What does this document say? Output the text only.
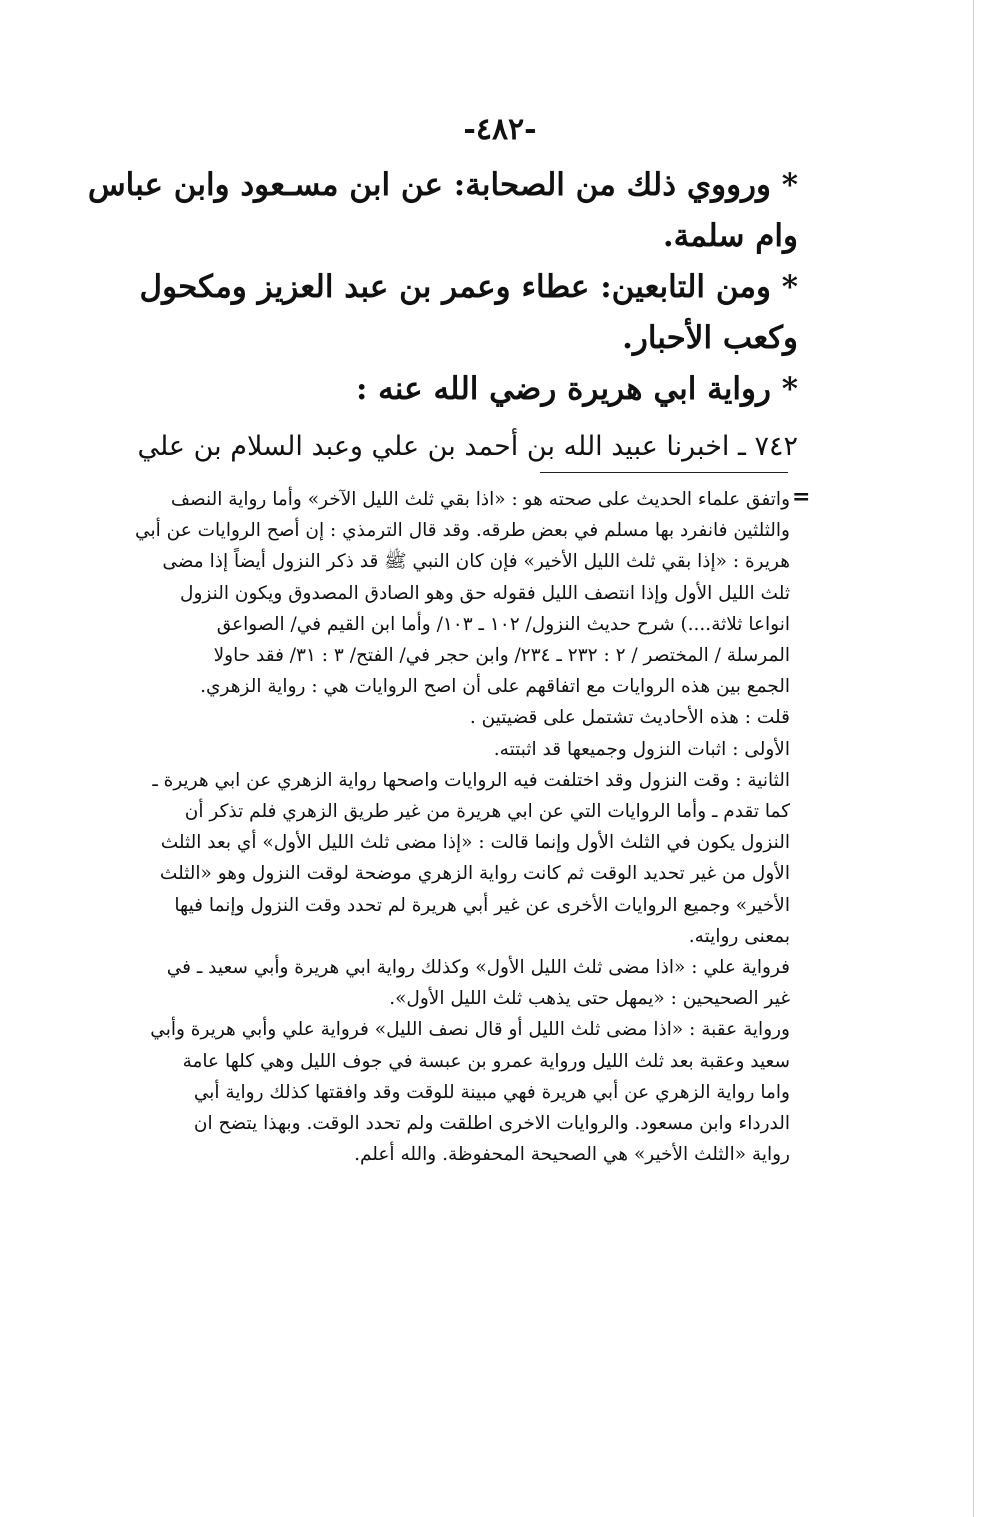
-٤٨٢-
* ورووي ذلك من الصحابة: عن ابن مسـعود وابن عباس
وام سلمة.
* ومن التابعين: عطاء وعمر بن عبد العزيز ومكحول
وكعب الأحبار.
* رواية ابي هريرة رضي الله عنه :
٧٤٢ ـ اخبرنا عبيد الله بن أحمد بن علي وعبد السلام بن علي
=
واتفق علماء الحديث على صحته هو : «اذا بقي ثلث الليل الآخر» وأما رواية النصف
والثلثين فانفرد بها مسلم في بعض طرقه. وقد قال الترمذي : إن أصح الروايات عن أبي
هريرة : «إذا بقي ثلث الليل الأخير» فإن كان النبي ﷺ قد ذكر النزول أيضاً إذا مضى
ثلث الليل الأول وإذا انتصف الليل فقوله حق وهو الصادق المصدوق ويكون النزول
انواعا ثلاثة....) شرح حديث النزول/ ١٠٢ ـ ١٠٣/ وأما ابن القيم في/ الصواعق
المرسلة / المختصر / ٢ : ٢٣٢ ـ ٢٣٤/ وابن حجر في/ الفتح/ ٣ : ٣١/ فقد حاولا
الجمع بين هذه الروايات مع اتفاقهم على أن اصح الروايات هي : رواية الزهري.
قلت : هذه الأحاديث تشتمل على قضيتين .
الأولى : اثبات النزول وجميعها قد اثبتته.
الثانية : وقت النزول وقد اختلفت فيه الروايات واصحها رواية الزهري عن ابي هريرة ـ
كما تقدم ـ وأما الروايات التي عن ابي هريرة من غير طريق الزهري فلم تذكر أن
النزول يكون في الثلث الأول وإنما قالت : «إذا مضى ثلث الليل الأول» أي بعد الثلث
الأول من غير تحديد الوقت ثم كانت رواية الزهري موضحة لوقت النزول وهو «الثلث
الأخير» وجميع الروايات الأخرى عن غير أبي هريرة لم تحدد وقت النزول وإنما فيها
بمعنى روايته.
فرواية علي : «اذا مضى ثلث الليل الأول» وكذلك رواية ابي هريرة وأبي سعيد ـ في
غير الصحيحين : «يمهل حتى يذهب ثلث الليل الأول».
ورواية عقبة : «اذا مضى ثلث الليل أو قال نصف الليل» فرواية علي وأبي هريرة وأبي
سعيد وعقبة بعد ثلث الليل ورواية عمرو بن عبسة في جوف الليل وهي كلها عامة
واما رواية الزهري عن أبي هريرة فهي مبينة للوقت وقد وافقتها كذلك رواية أبي
الدرداء وابن مسعود. والروايات الاخرى اطلقت ولم تحدد الوقت. وبهذا يتضح ان
رواية «الثلث الأخير» هي الصحيحة المحفوظة. والله أعلم.
